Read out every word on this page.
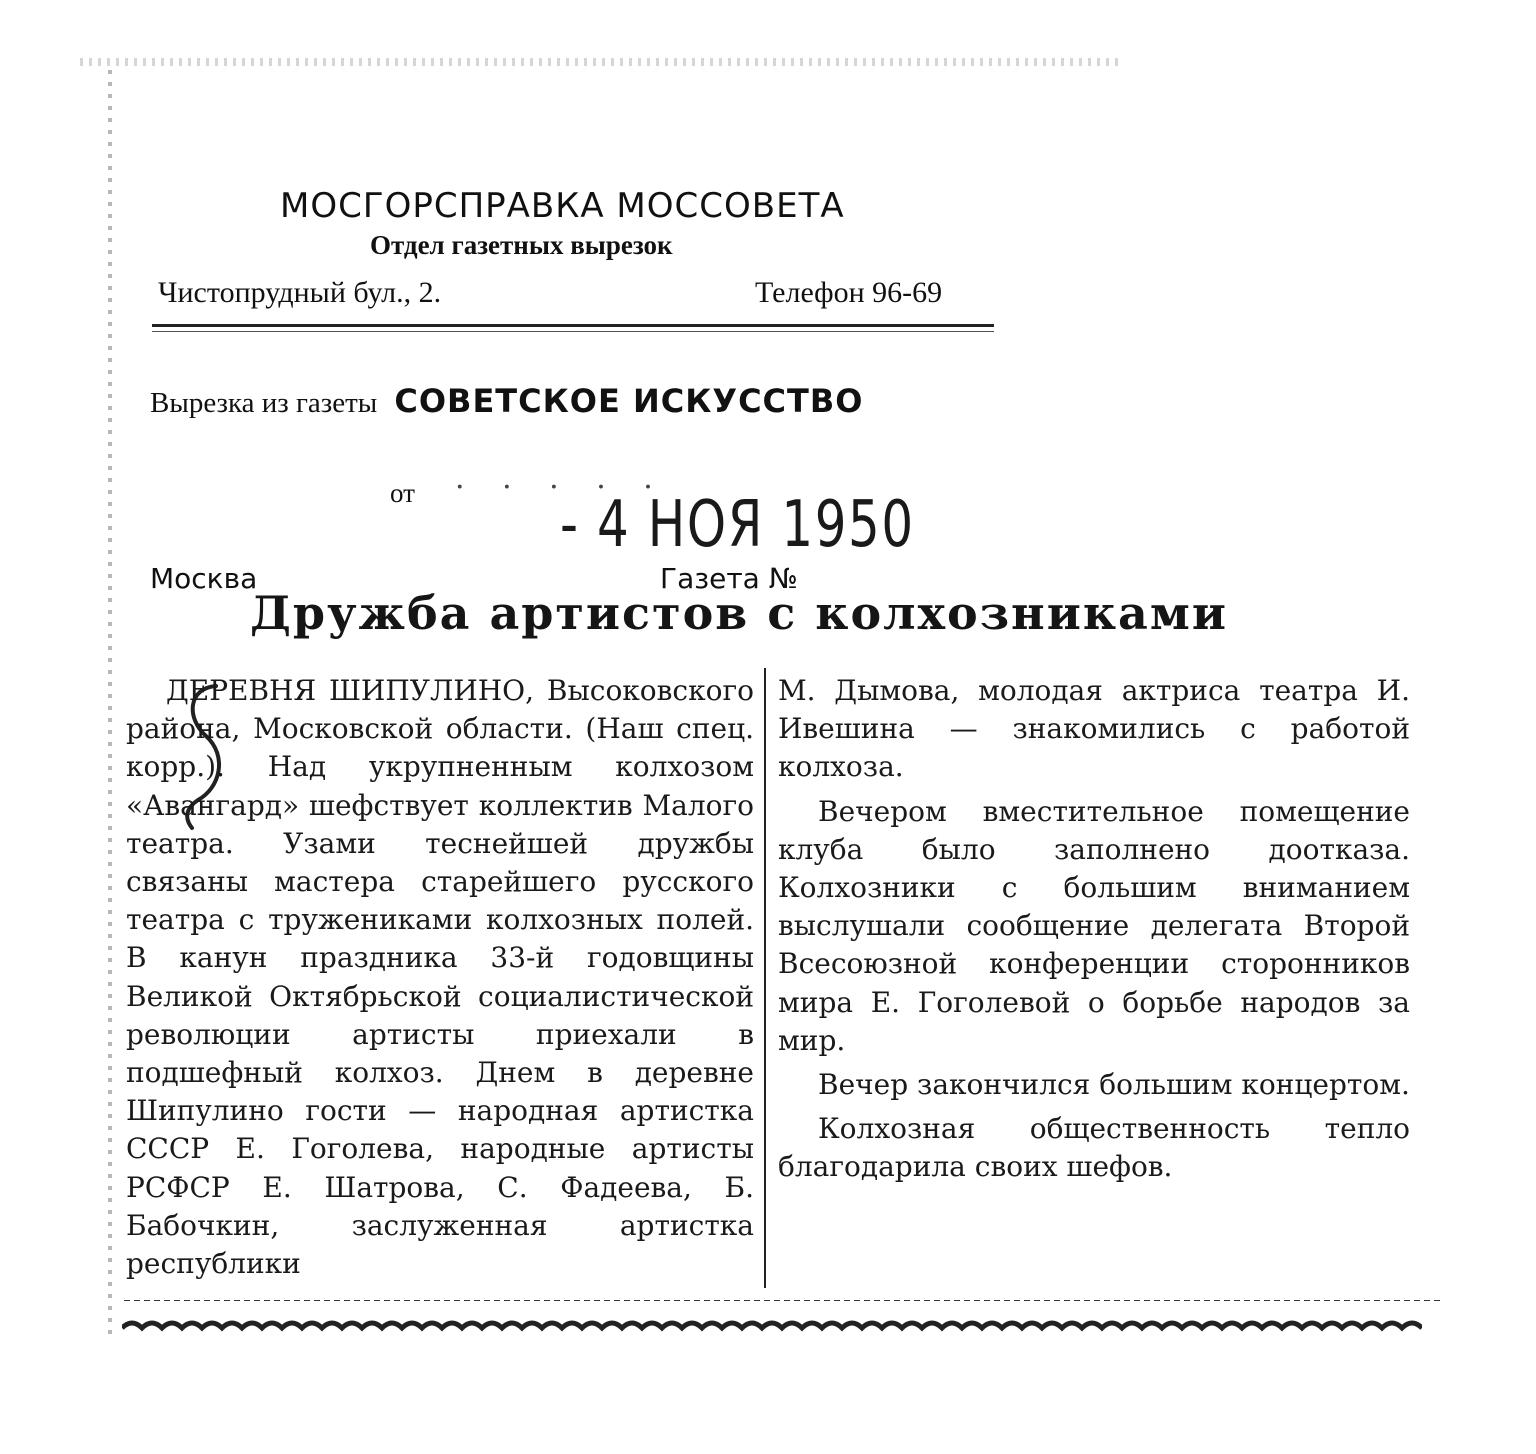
МОСГОРСПРАВКА МОССОВЕТА
Отдел газетных вырезок
Чистопрудный бул., 2.	Телефон 96-69
Вырезка из газеты СОВЕТСКОЕ ИСКУССТВО
от · · · · ·
- 4 НОЯ 1950
Москва	Газета №
Дружба артистов с колхозниками

ДЕРЕВНЯ ШИПУЛИНО, Высоковского района, Московской области. (Наш спец. корр.). Над укрупненным колхозом «Авангард» шефствует коллектив Малого театра. Узами теснейшей дружбы связаны мастера старейшего русского театра с тружениками колхозных полей. В канун праздника 33-й годовщины Великой Октябрьской социалистической революции артисты приехали в подшефный колхоз. Днем в деревне Шипулино гости — народная артистка СССР Е. Гоголева, народные артисты РСФСР Е. Шатрова, С. Фадеева, Б. Бабочкин, заслуженная артистка республики

М. Дымова, молодая актриса театра И. Ивешина — знакомились с работой колхоза.

Вечером вместительное помещение клуба было заполнено доотказа. Колхозники с большим вниманием выслушали сообщение делегата Второй Всесоюзной конференции сторонников мира Е. Гоголевой о борьбе народов за мир.

Вечер закончился большим концертом.

Колхозная общественность тепло благодарила своих шефов.
